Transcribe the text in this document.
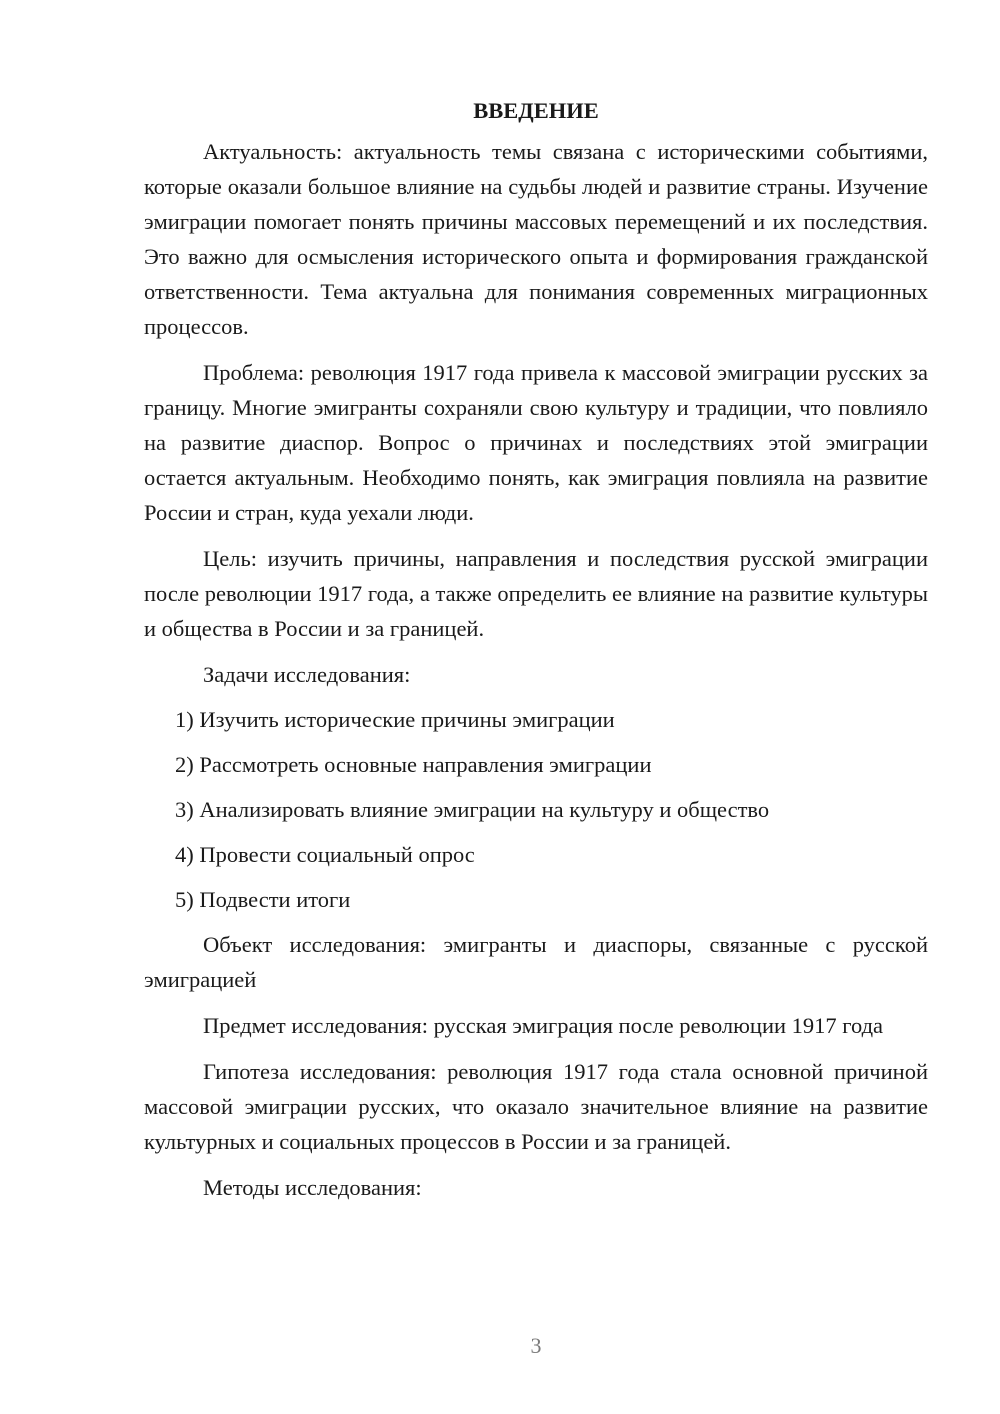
ВВЕДЕНИЕ

Актуальность: актуальность темы связана с историческими событиями, которые оказали большое влияние на судьбы людей и развитие страны. Изучение эмиграции помогает понять причины массовых перемещений и их последствия. Это важно для осмысления исторического опыта и формирования гражданской ответственности. Тема актуальна для понимания современных миграционных процессов.

Проблема: революция 1917 года привела к массовой эмиграции русских за границу. Многие эмигранты сохраняли свою культуру и традиции, что повлияло на развитие диаспор. Вопрос о причинах и последствиях этой эмиграции остается актуальным. Необходимо понять, как эмиграция повлияла на развитие России и стран, куда уехали люди.

Цель: изучить причины, направления и последствия русской эмиграции после революции 1917 года, а также определить ее влияние на развитие культуры и общества в России и за границей.

Задачи исследования:

1) Изучить исторические причины эмиграции
2) Рассмотреть основные направления эмиграции
3) Анализировать влияние эмиграции на культуру и общество
4) Провести социальный опрос
5) Подвести итоги

Объект исследования: эмигранты и диаспоры, связанные с русской эмиграцией

Предмет исследования: русская эмиграция после революции 1917 года

Гипотеза исследования: революция 1917 года стала основной причиной массовой эмиграции русских, что оказало значительное влияние на развитие культурных и социальных процессов в России и за границей.

Методы исследования:

3
